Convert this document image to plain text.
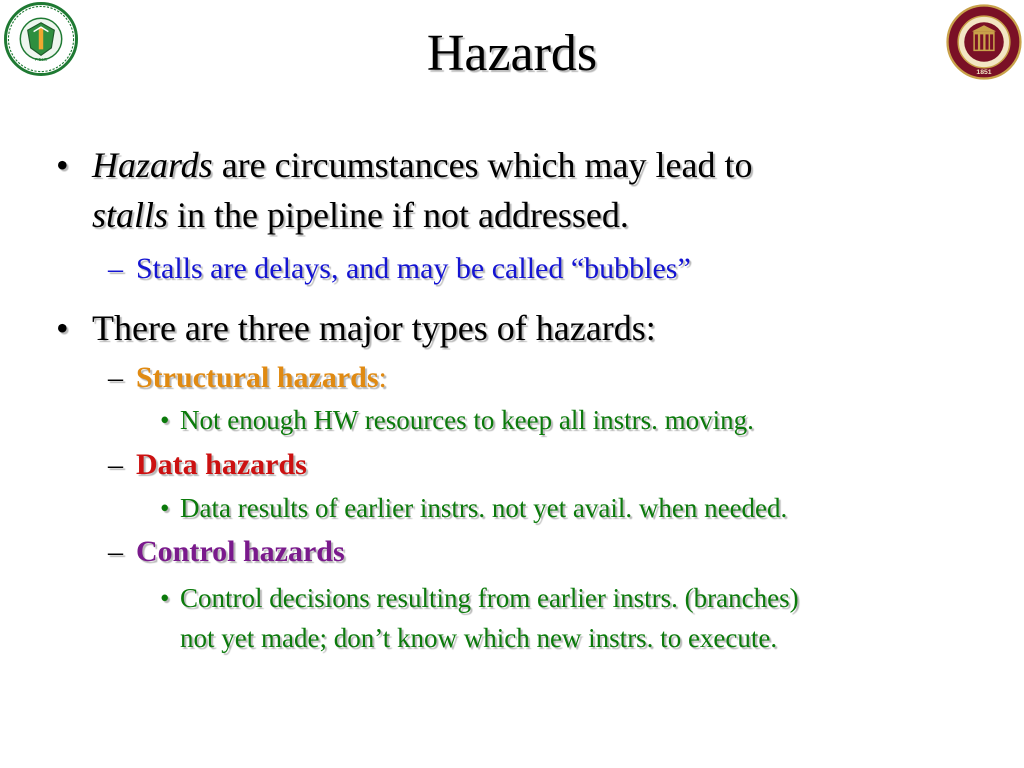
FIELD
1851
Hazards
• Hazards are circumstances which may lead to
stalls in the pipeline if not addressed.
– Stalls are delays, and may be called “bubbles”
• There are three major types of hazards:
– Structural hazards:
• Not enough HW resources to keep all instrs. moving.
– Data hazards
• Data results of earlier instrs. not yet avail. when needed.
– Control hazards
• Control decisions resulting from earlier instrs. (branches)
not yet made; don’t know which new instrs. to execute.
